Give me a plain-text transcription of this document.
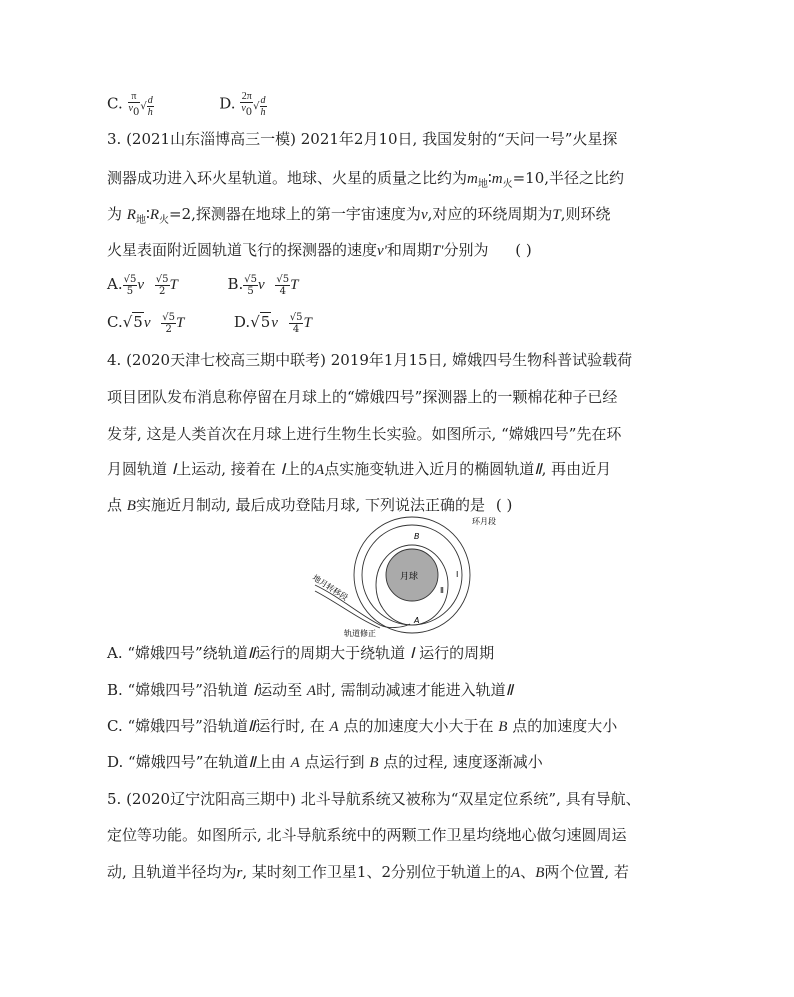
C. $\frac{\pi}{v0}$ √ $\frac{d}{h}$	D. $\frac{2\pi}{v0}$ √ $\frac{d}{h}$
3. (2021山东淄博高三一模) 2021年2月10日, 我国发射的“天问一号”火星探
测器成功进入环火星轨道。地球、火星的质量之比约为$m_地∶m_火=10$,半径之比约
为 $R_地∶R_火=2$,探测器在地球上的第一宇宙速度为v,对应的环绕周期为T,则环绕
火星表面附近圆轨道飞行的探测器的速度v'和周期T'分别为 ( )
A. $\frac{√5}{5}$ v $\frac{√5}{2}$ T	B. $\frac{√5}{5}$ v $\frac{√5}{4}$ T
$C.√5v \frac{√5}{2}$ T	$D.√5v \frac{√5}{4}$ T
4. (2020天津七校高三期中联考) 2019年1月15日, 嫦娥四号生物科普试验载荷
项目团队发布消息称停留在月球上的“嫦娥四号”探测器上的一颗棉花种子已经
发芽, 这是人类首次在月球上进行生物生长实验。如图所示, “嫦娥四号”先在环
月圆轨道 Ⅰ上运动, 接着在 Ⅰ上的A点实施变轨进入近月的椭圆轨道Ⅱ, 再由近月
点 B实施近月制动, 最后成功登陆月球, 下列说法正确的是 ( )
月球
环月段
地月转移段
轨道修正
B
A
Ⅰ
Ⅱ
A. “嫦娥四号”绕轨道Ⅱ运行的周期大于绕轨道 Ⅰ 运行的周期
B. “嫦娥四号”沿轨道 Ⅰ运动至 A时, 需制动减速才能进入轨道Ⅱ
C. “嫦娥四号”沿轨道Ⅱ运行时, 在 A 点的加速度大小大于在 B 点的加速度大小
D. “嫦娥四号”在轨道Ⅱ上由 A 点运行到 B 点的过程, 速度逐渐减小
5. (2020辽宁沈阳高三期中) 北斗导航系统又被称为“双星定位系统”, 具有导航、
定位等功能。如图所示, 北斗导航系统中的两颗工作卫星均绕地心做匀速圆周运
动, 且轨道半径均为r, 某时刻工作卫星1、2分别位于轨道上的A、B两个位置, 若
